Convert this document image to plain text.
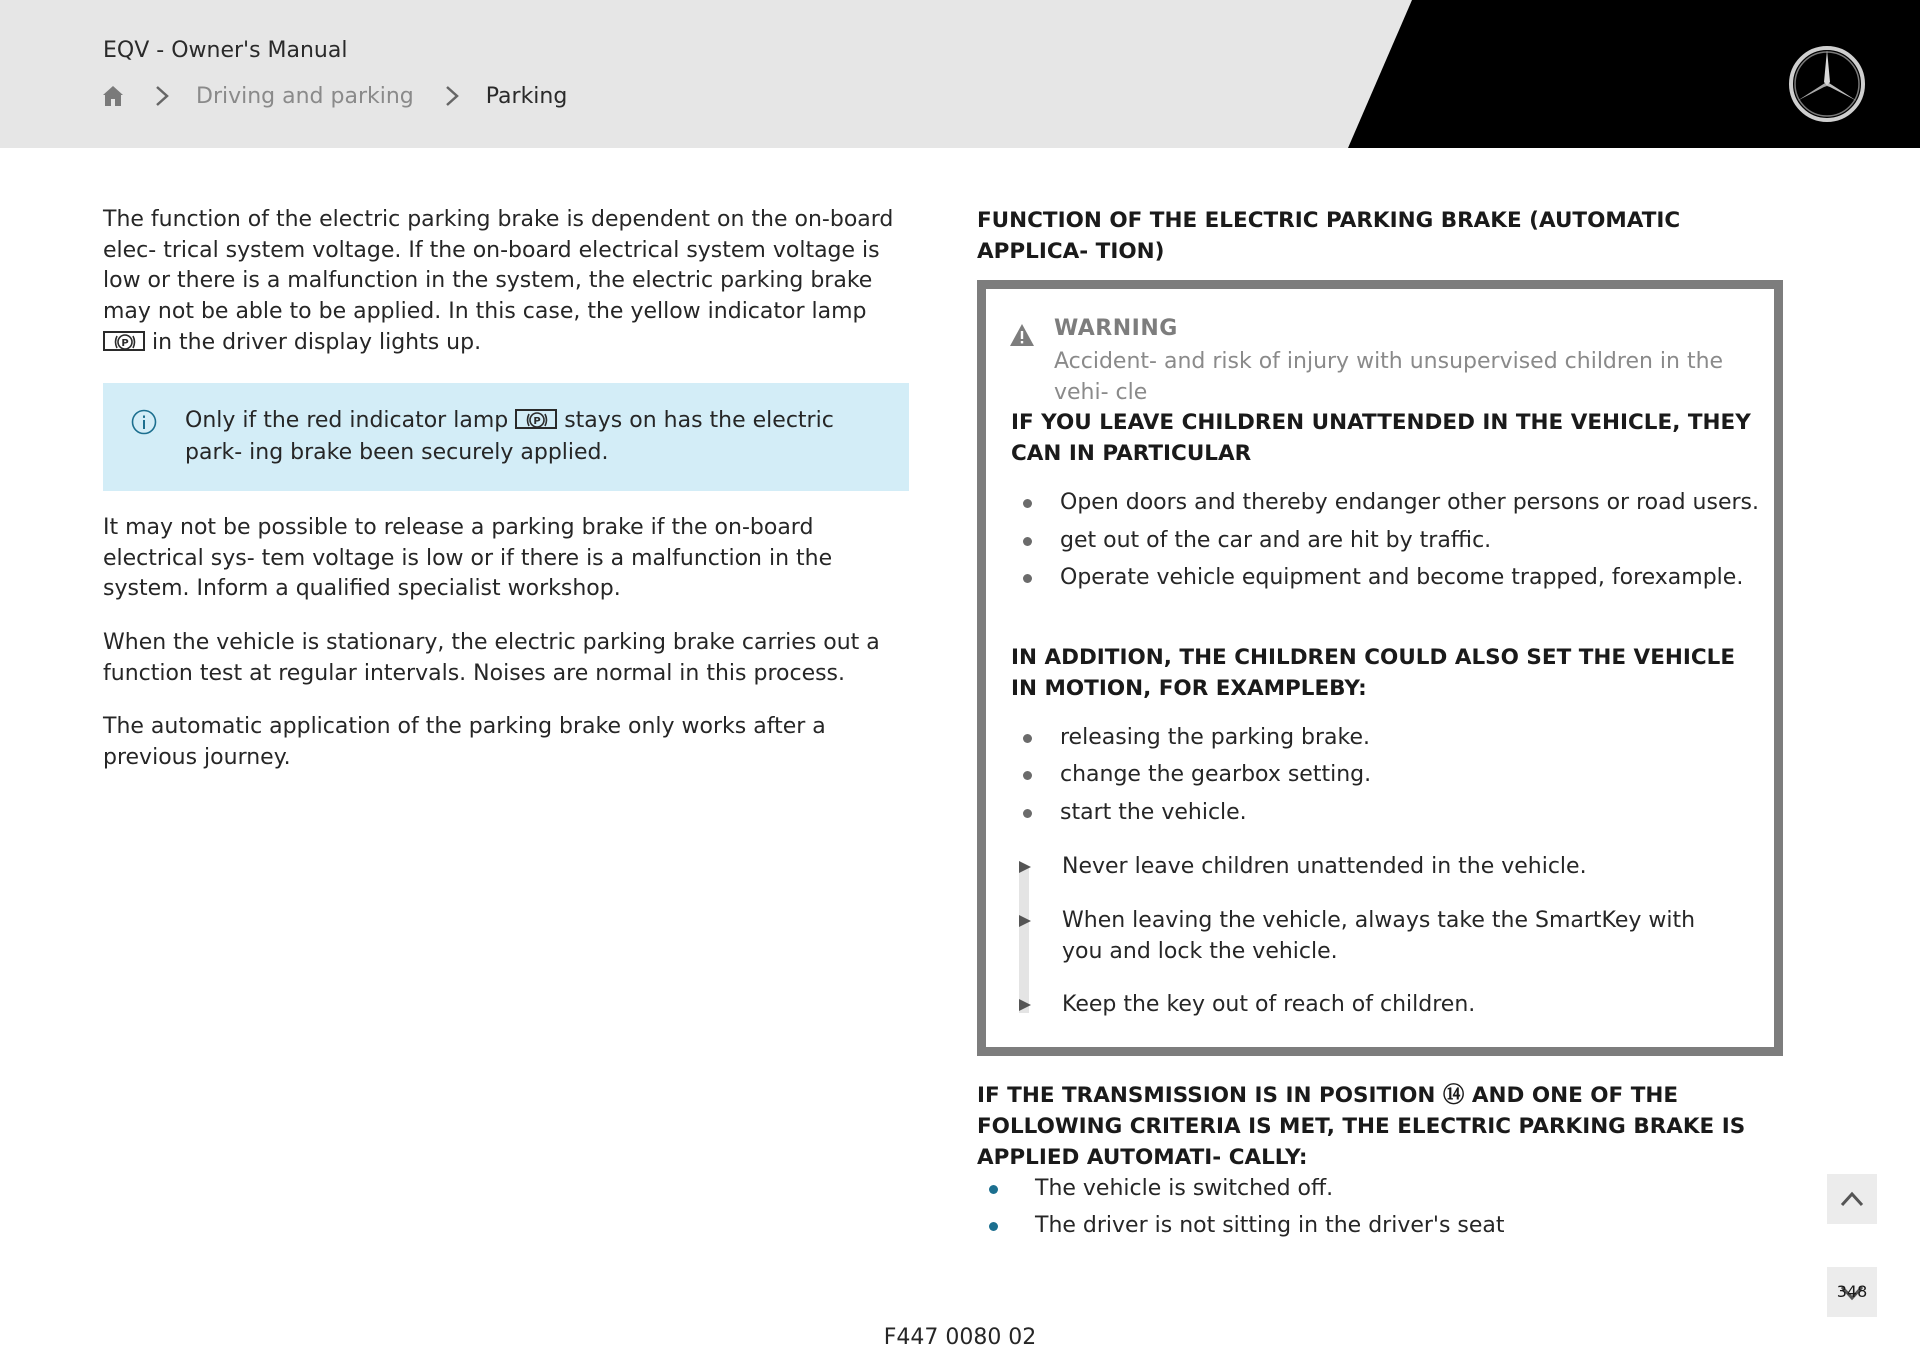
EQV - Owner's Manual
Driving and parking	Parking

The function of the electric parking brake is dependent on the on-board elec- trical system voltage. If the on-board electrical system voltage is low or there is a malfunction in the system, the electric parking brake may not be able to be applied. In this case, the yellow indicator lamp
P in the driver display lights up.

Only if the red indicator lamp	P stays on has the electric park- ing brake been securely applied.

It may not be possible to release a parking brake if the on-board electrical sys- tem voltage is low or if there is a malfunction in the system. Inform a qualified specialist workshop.

When the vehicle is stationary, the electric parking brake carries out a function test at regular intervals. Noises are normal in this process.

The automatic application of the parking brake only works after a previous journey.

FUNCTION OF THE ELECTRIC PARKING BRAKE (AUTOMATIC APPLICA- TION)

WARNING

Accident- and risk of injury with unsupervised children in the vehi- cle

IF YOU LEAVE CHILDREN UNATTENDED IN THE VEHICLE, THEY CAN IN PARTICULAR

Open doors and thereby endanger other persons or road users.
get out of the car and are hit by traffic.
Operate vehicle equipment and become trapped, forexample.

IN ADDITION, THE CHILDREN COULD ALSO SET THE VEHICLE IN MOTION, FOR EXAMPLEBY:

releasing the parking brake.
change the gearbox setting.
start the vehicle.
Never leave children unattended in the vehicle.
When leaving the vehicle, always take the SmartKey with you and lock the vehicle.
Keep the key out of reach of children.

IF THE TRANSMISSION IS IN POSITION ⑭ AND ONE OF THE FOLLOWING CRITERIA IS MET, THE ELECTRIC PARKING BRAKE IS APPLIED AUTOMATI- CALLY:

The vehicle is switched off.
The driver is not sitting in the driver's seat
348
F447 0080 02
